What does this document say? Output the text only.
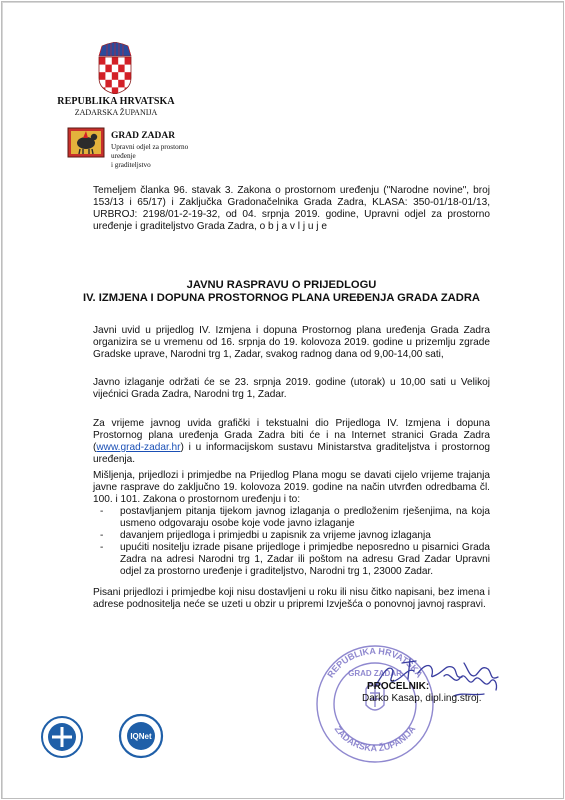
REPUBLIKA HRVATSKA
ZADARSKA ŽUPANIJA
GRAD ZADAR
Upravni odjel za prostorno uređenje
i graditeljstvo

Temeljem članka 96. stavak 3. Zakona o prostornom uređenju ("Narodne novine", broj 153/13 i 65/17) i Zaključka Gradonačelnika Grada Zadra, KLASA: 350-01/18-01/13, URBROJ: 2198/01-2-19-32, od 04. srpnja 2019. godine, Upravni odjel za prostorno uređenje i graditeljstvo Grada Zadra, o b j a v l j u j e

JAVNU RASPRAVU O PRIJEDLOGU
IV. IZMJENA I DOPUNA PROSTORNOG PLANA UREĐENJA GRADA ZADRA

Javni uvid u prijedlog IV. Izmjena i dopuna Prostornog plana uređenja Grada Zadra organizira se u vremenu od 16. srpnja do 19. kolovoza 2019. godine u prizemlju zgrade Gradske uprave, Narodni trg 1, Zadar, svakog radnog dana od 9,00-14,00 sati,

Javno izlaganje održati će se 23. srpnja 2019. godine (utorak) u 10,00 sati u Velikoj vijećnici Grada Zadra, Narodni trg 1, Zadar.

Za vrijeme javnog uvida grafički i tekstualni dio Prijedloga IV. Izmjena i dopuna Prostornog plana uređenja Grada Zadra biti će i na Internet stranici Grada Zadra (www.grad-zadar.hr) i u informacijskom sustavu Ministarstva graditeljstva i prostornog uređenja.

Mišljenja, prijedlozi i primjedbe na Prijedlog Plana mogu se davati cijelo vrijeme trajanja javne rasprave do zaključno 19. kolovoza 2019. godine na način utvrđen odredbama čl. 100. i 101. Zakona o prostornom uređenju i to:

- postavljanjem pitanja tijekom javnog izlaganja o predloženim rješenjima, na koja usmeno odgovaraju osobe koje vode javno izlaganje
- davanjem prijedloga i primjedbi u zapisnik za vrijeme javnog izlaganja
- upućiti nositelju izrade pisane prijedloge i primjedbe neposredno u pisarnici Grada Zadra na adresi Narodni trg 1, Zadar ili poštom na adresu Grad Zadar Upravni odjel za prostorno uređenje i graditeljstvo, Narodni trg 1, 23000 Zadar.

Pisani prijedlozi i primjedbe koji nisu dostavljeni u roku ili nisu čitko napisani, bez imena i adrese podnositelja neće se uzeti u obzir u pripremi Izvješća o ponovnoj javnoj raspravi.

REPUBLIKA HRVATSKA
ZADARSKA ŽUPANIJA
GRAD ZADAR
PROČELNIK:
Darko Kasap, dipl.ing.stroj.
IQNet
